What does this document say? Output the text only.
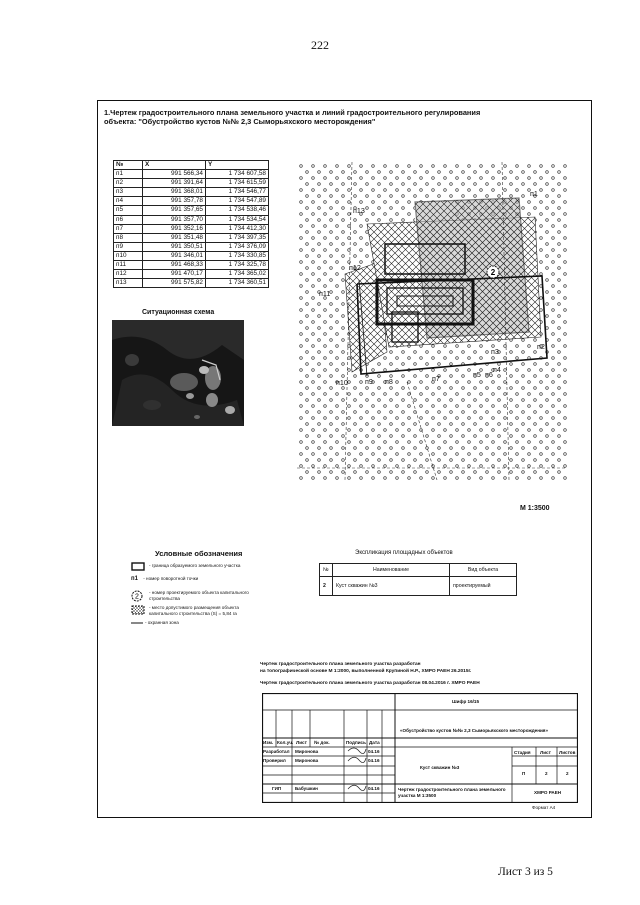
222
1.Чертеж градостроительного плана земельного участка и линий градостроительного регулирования
объекта: "Обустройство кустов №№ 2,3 Сыморьяхского месторождения"
№	X	Y
п1	991 566,34	1 734 607,58
п2	991 391,64	1 734 615,59
п3	991 368,01	1 734 546,77
п4	991 357,78	1 734 547,89
п5	991 357,65	1 734 538,46
п6	991 357,70	1 734 534,54
п7	991 352,16	1 734 412,30
п8	991 351,48	1 734 397,35
п9	991 350,51	1 734 376,09
п10	991 346,01	1 734 330,85
п11	991 468,33	1 734 325,78
п12	991 470,17	1 734 365,02
п13	991 575,82	1 734 360,51
Ситуационная схема
2
п13
п1
п2
п3
п4
п5 п6
п7
п8
п9
п10
п11
п12
М 1:3500
Условные обозначения
- граница образуемого земельного участка
п1 - номер поворотной точки
2
- номер проектируемого объекта капитального строительства
- место допустимого размещения объекта капитального строительства (S) = 5,84 га
- охранная зона
Экспликация площадных объектов
№	Наименование	Вид объекта
2	Куст скважин №3	проектируемый
Чертеж градостроительного плана земельного участка разработан
на топографической основе М 1:2000, выполненной Крупиной Н.Р., ХМРО РАЕН 26.2015г.
Чертеж градостроительного плана земельного участка разработан 08.04.2016 г. ХМРО РАЕН
Шифр 16/15
«Обустройство кустов №№ 2,3 Сыморьяхского месторождения»
Изм. Кол.уч. Лист № док.	Подпись Дата
Разработал Миронова	04.16
Проверил Миронова	04.16
ГИП	Бабушкин	04.16
Куст скважин №3
Стадия Лист Листов
П	2	2
Чертеж градостроительного плана земельного участка М 1:3500
ХМРО РАЕН
Формат А4
Лист 3 из 5
